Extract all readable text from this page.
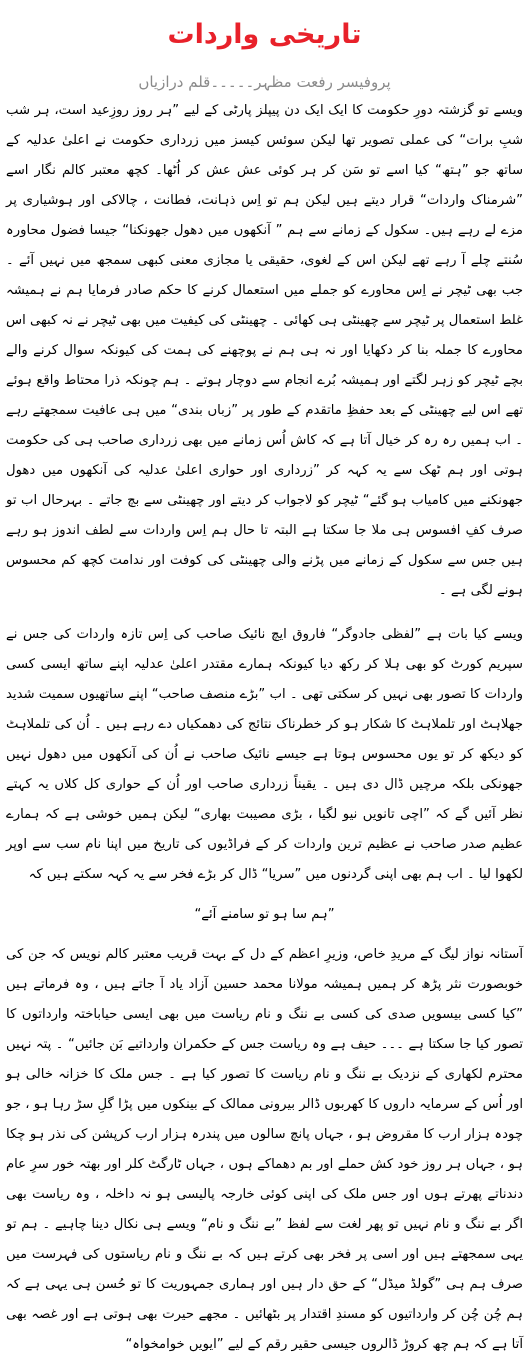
تاریخی واردات
پروفیسر رفعت مظہر۔۔۔۔۔قلم درازیاں

ویسے تو گزشتہ دورِ حکومت کا ایک ایک دن پیپلز پارٹی کے لیے ”ہر روز روزِعید است، ہر شب شبِ برات“ کی عملی تصویر تھا لیکن سوئس کیسز میں زرداری حکومت نے اعلیٰ عدلیہ کے ساتھ جو ”ہتھ“ کیا اسے تو سَن کر ہر کوئی عش عش کر اُٹھا۔ کچھ معتبر کالم نگار اسے ”شرمناک واردات“ قرار دیتے ہیں لیکن ہم تو اِس ذہانت، فطانت ، چالاکی اور ہوشیاری پر مزے لے رہے ہیں۔ سکول کے زمانے سے ہم ” آنکھوں میں دھول جھونکنا“ جیسا فضول محاورہ سُنتے چلے آ رہے تھے لیکن اس کے لغوی، حقیقی یا مجازی معنی کبھی سمجھ میں نہیں آئے ۔ جب بھی ٹیچر نے اِس محاورے کو جملے میں استعمال کرنے کا حکم صادر فرمایا ہم نے ہمیشہ غلط استعمال پر ٹیچر سے چھینٹی ہی کھائی ۔ چھینٹی کی کیفیت میں بھی ٹیچر نے نہ کبھی اس محاورے کا جملہ بنا کر دکھایا اور نہ ہی ہم نے پوچھنے کی ہمت کی کیونکہ سوال کرنے والے بچے ٹیچر کو زہر لگتے اور ہمیشہ بُرے انجام سے دوچار ہوتے ۔ ہم چونکہ ذرا محتاط واقع ہوئے تھے اس لیے چھینٹی کے بعد حفظِ ماتقدم کے طور پر ”زباں بندی“ میں ہی عافیت سمجھتے رہے ۔ اب ہمیں رہ رہ کر خیال آتا ہے کہ کاش اُس زمانے میں بھی زرداری صاحب ہی کی حکومت ہوتی اور ہم ٹھک سے یہ کہہ کر ”زرداری اور حواری اعلیٰ عدلیہ کی آنکھوں میں دھول جھونکنے میں کامیاب ہو گئے“ ٹیچر کو لاجواب کر دیتے اور چھینٹی سے بچ جاتے ۔ بہرحال اب تو صرف کفِ افسوس ہی ملا جا سکتا ہے البتہ تا حال ہم اِس واردات سے لطف اندوز ہو رہے ہیں جس سے سکول کے زمانے میں پڑنے والی چھینٹی کی کوفت اور ندامت کچھ کم محسوس ہونے لگی ہے ۔

ویسے کیا بات ہے ”لفظی جادوگر“ فاروق ایچ نائیک صاحب کی اِس تازہ واردات کی جس نے سپریم کورٹ کو بھی ہلا کر رکھ دیا کیونکہ ہمارے مقتدر اعلیٰ عدلیہ اپنے ساتھ ایسی کسی واردات کا تصور بھی نہیں کر سکتی تھی ۔ اب ”بڑے منصف صاحب“ اپنے ساتھیوں سمیت شدید جھلاہٹ اور تلملاہٹ کا شکار ہو کر خطرناک نتائج کی دھمکیاں دے رہے ہیں ۔ اُن کی تلملاہٹ کو دیکھ کر تو یوں محسوس ہوتا ہے جیسے نائیک صاحب نے اُن کی آنکھوں میں دھول نہیں جھونکی بلکہ مرچیں ڈال دی ہیں ۔ یقیناً زرداری صاحب اور اُن کے حواری کل کلاں یہ کہتے نظر آئیں گے کہ ”اچی تانویں نیو لگیا ، بڑی مصیبت بھاری“ لیکن ہمیں خوشی ہے کہ ہمارے عظیم صدر صاحب نے عظیم ترین واردات کر کے فراڈیوں کی تاریخ میں اپنا نام سب سے اوپر لکھوا لیا ۔ اب ہم بھی اپنی گردنوں میں ”سریا“ ڈال کر بڑے فخر سے یہ کہہ سکتے ہیں کہ

”ہم سا ہو تو سامنے آئے“

آستانہ نواز لیگ کے مریدِ خاص، وزیرِ اعظم کے دل کے بہت قریب معتبر کالم نویس کہ جن کی خوبصورت نثر پڑھ کر ہمیں ہمیشہ مولانا محمد حسین آزاد یاد آ جاتے ہیں ، وہ فرماتے ہیں ”کیا کسی بیسویں صدی کی کسی بے ننگ و نام ریاست میں بھی ایسی حیاباختہ وارداتوں کا تصور کیا جا سکتا ہے ۔۔۔ حیف ہے وہ ریاست جس کے حکمران وارداتیے بَن جائیں“ ۔ پتہ نہیں محترم لکھاری کے نزدیک بے ننگ و نام ریاست کا تصور کیا ہے ۔ جس ملک کا خزانہ خالی ہو اور اُس کے سرمایہ داروں کا کھربوں ڈالر بیرونی ممالک کے بینکوں میں پڑا گلِ سڑ رہا ہو ، جو چودہ ہزار ارب کا مقروض ہو ، جہاں پانچ سالوں میں پندرہ ہزار ارب کرپشن کی نذر ہو چکا ہو ، جہاں ہر روز خود کش حملے اور بم دھماکے ہوں ، جہاں ٹارگٹ کلر اور بھتہ خور سرِ عام دندناتے پھرتے ہوں اور جس ملک کی اپنی کوئی خارجہ پالیسی ہو نہ داخلہ ، وہ ریاست بھی اگر بے ننگ و نام نہیں تو پھر لغت سے لفظ ”بے ننگ و نام“ ویسے ہی نکال دینا چاہیے ۔ ہم تو یہی سمجھتے ہیں اور اسی پر فخر بھی کرتے ہیں کہ بے ننگ و نام ریاستوں کی فہرست میں صرف ہم ہی ”گولڈ میڈل“ کے حق دار ہیں اور ہماری جمہوریت کا تو حُسن ہی یہی ہے کہ ہم چُن چُن کر وارداتیوں کو مسندِ اقتدار پر بٹھائیں ۔ مجھے حیرت بھی ہوتی ہے اور غصہ بھی آتا ہے کہ ہم چھ کروڑ ڈالروں جیسی حقیر رقم کے لیے ”ایویں خوامخواہ“
